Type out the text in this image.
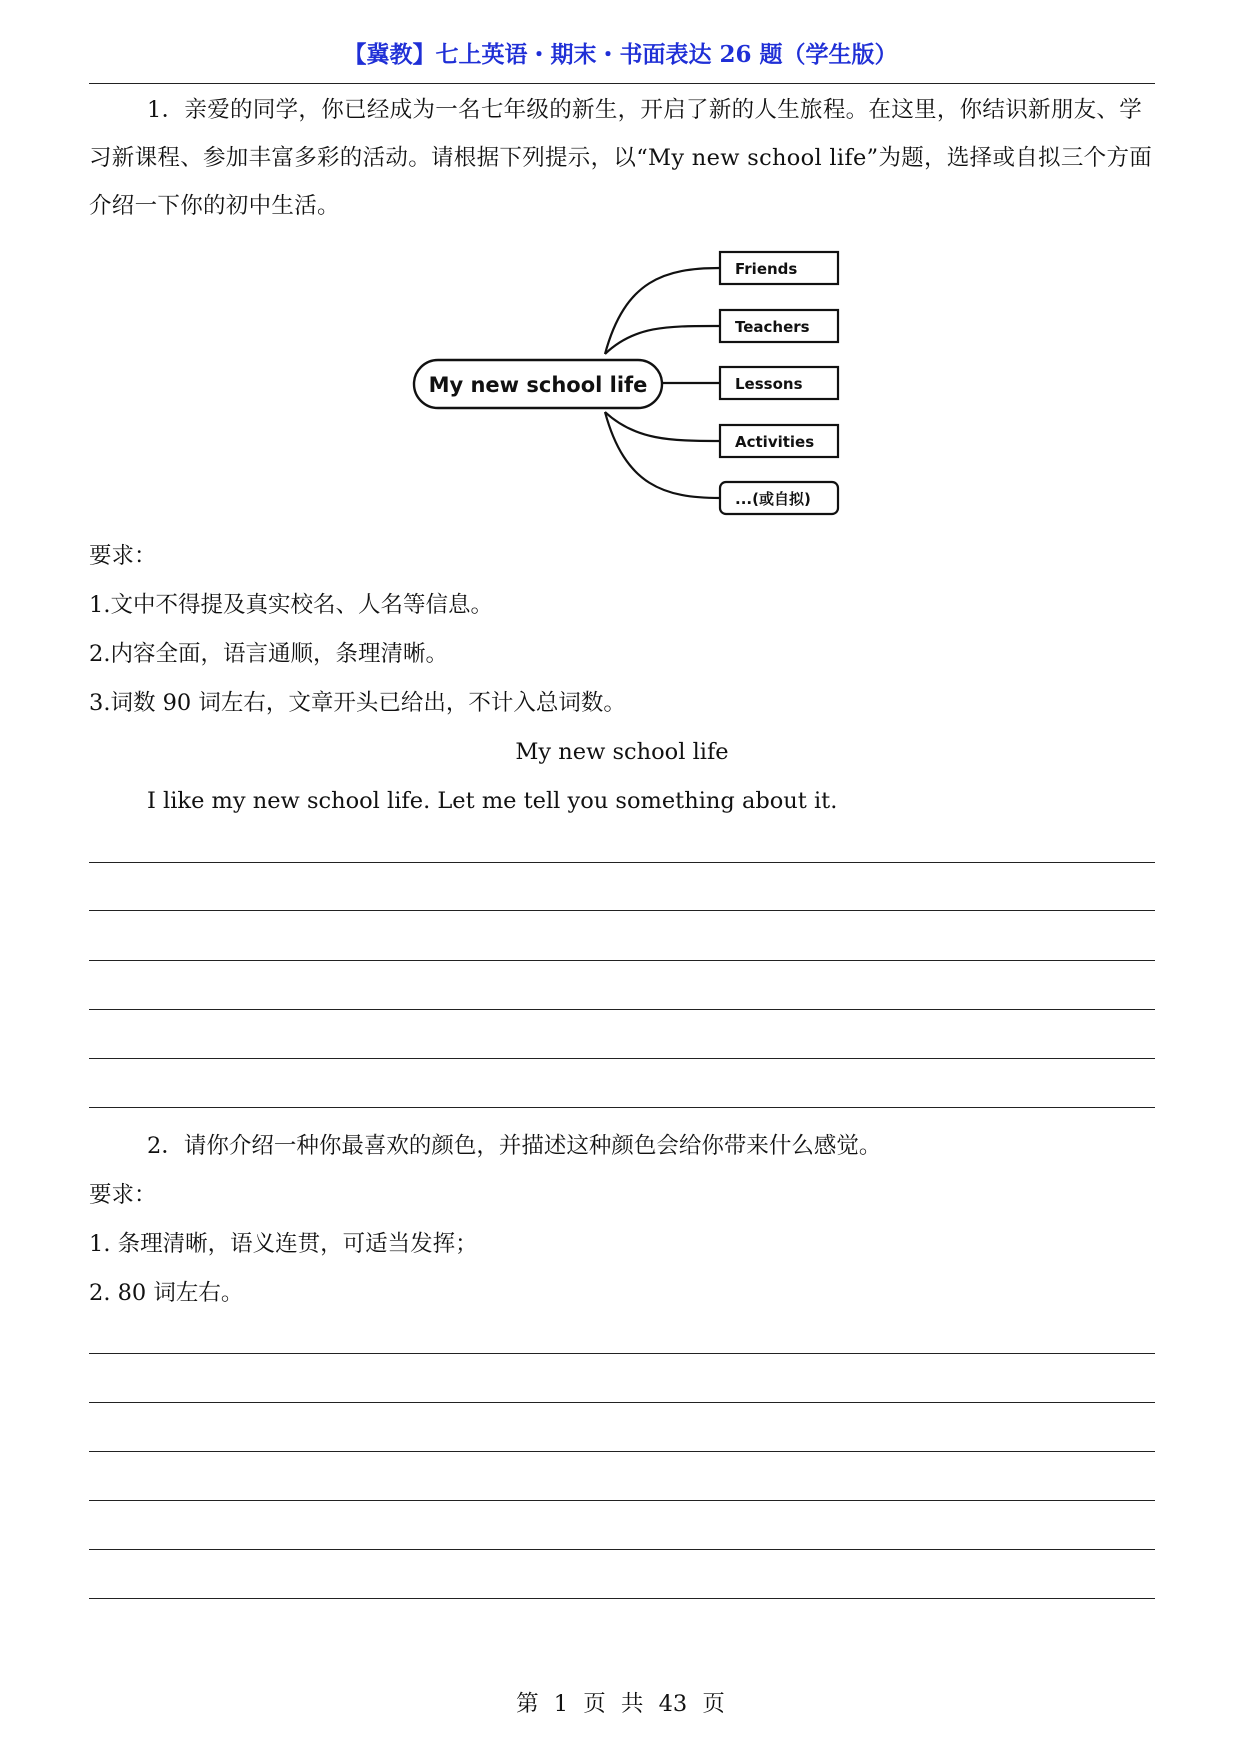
【冀教】七上英语・期末・书面表达 26 题（学生版）
1．亲爱的同学，你已经成为一名七年级的新生，开启了新的人生旅程。在这里，你结识新朋友、学习新课程、参加丰富多彩的活动。请根据下列提示，以“My new school life”为题，选择或自拟三个方面介绍一下你的初中生活。
My new school life
Friends
Teachers
Lessons
Activities
...(或自拟)
要求：
1.文中不得提及真实校名、人名等信息。
2.内容全面，语言通顺，条理清晰。
3.词数 90 词左右，文章开头已给出，不计入总词数。
My new school life
I like my new school life. Let me tell you something about it.
2．请你介绍一种你最喜欢的颜色，并描述这种颜色会给你带来什么感觉。
要求：
1. 条理清晰，语义连贯，可适当发挥；
2. 80 词左右。
第 1 页 共 43 页
